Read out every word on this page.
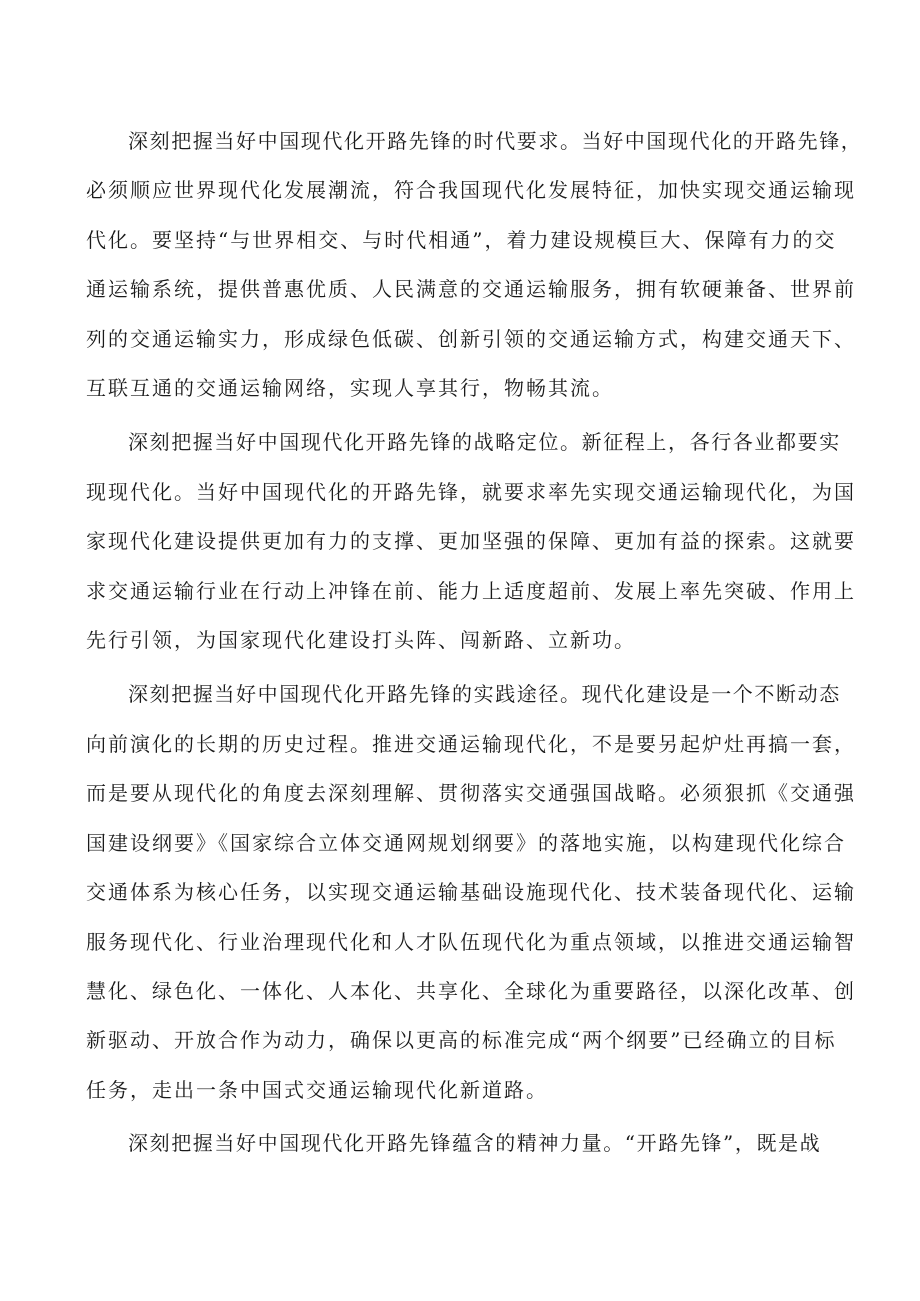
深刻把握当好中国现代化开路先锋的时代要求。当好中国现代化的开路先锋，

必须顺应世界现代化发展潮流，符合我国现代化发展特征，加快实现交通运输现

代化。要坚持“与世界相交、与时代相通”，着力建设规模巨大、保障有力的交

通运输系统，提供普惠优质、人民满意的交通运输服务，拥有软硬兼备、世界前

列的交通运输实力，形成绿色低碳、创新引领的交通运输方式，构建交通天下、

互联互通的交通运输网络，实现人享其行，物畅其流。

深刻把握当好中国现代化开路先锋的战略定位。新征程上，各行各业都要实

现现代化。当好中国现代化的开路先锋，就要求率先实现交通运输现代化，为国

家现代化建设提供更加有力的支撑、更加坚强的保障、更加有益的探索。这就要

求交通运输行业在行动上冲锋在前、能力上适度超前、发展上率先突破、作用上

先行引领，为国家现代化建设打头阵、闯新路、立新功。

深刻把握当好中国现代化开路先锋的实践途径。现代化建设是一个不断动态

向前演化的长期的历史过程。推进交通运输现代化，不是要另起炉灶再搞一套，

而是要从现代化的角度去深刻理解、贯彻落实交通强国战略。必须狠抓《交通强

国建设纲要》《国家综合立体交通网规划纲要》的落地实施，以构建现代化综合

交通体系为核心任务，以实现交通运输基础设施现代化、技术装备现代化、运输

服务现代化、行业治理现代化和人才队伍现代化为重点领域，以推进交通运输智

慧化、绿色化、一体化、人本化、共享化、全球化为重要路径，以深化改革、创

新驱动、开放合作为动力，确保以更高的标准完成“两个纲要”已经确立的目标

任务，走出一条中国式交通运输现代化新道路。

深刻把握当好中国现代化开路先锋蕴含的精神力量。“开路先锋”，既是战
